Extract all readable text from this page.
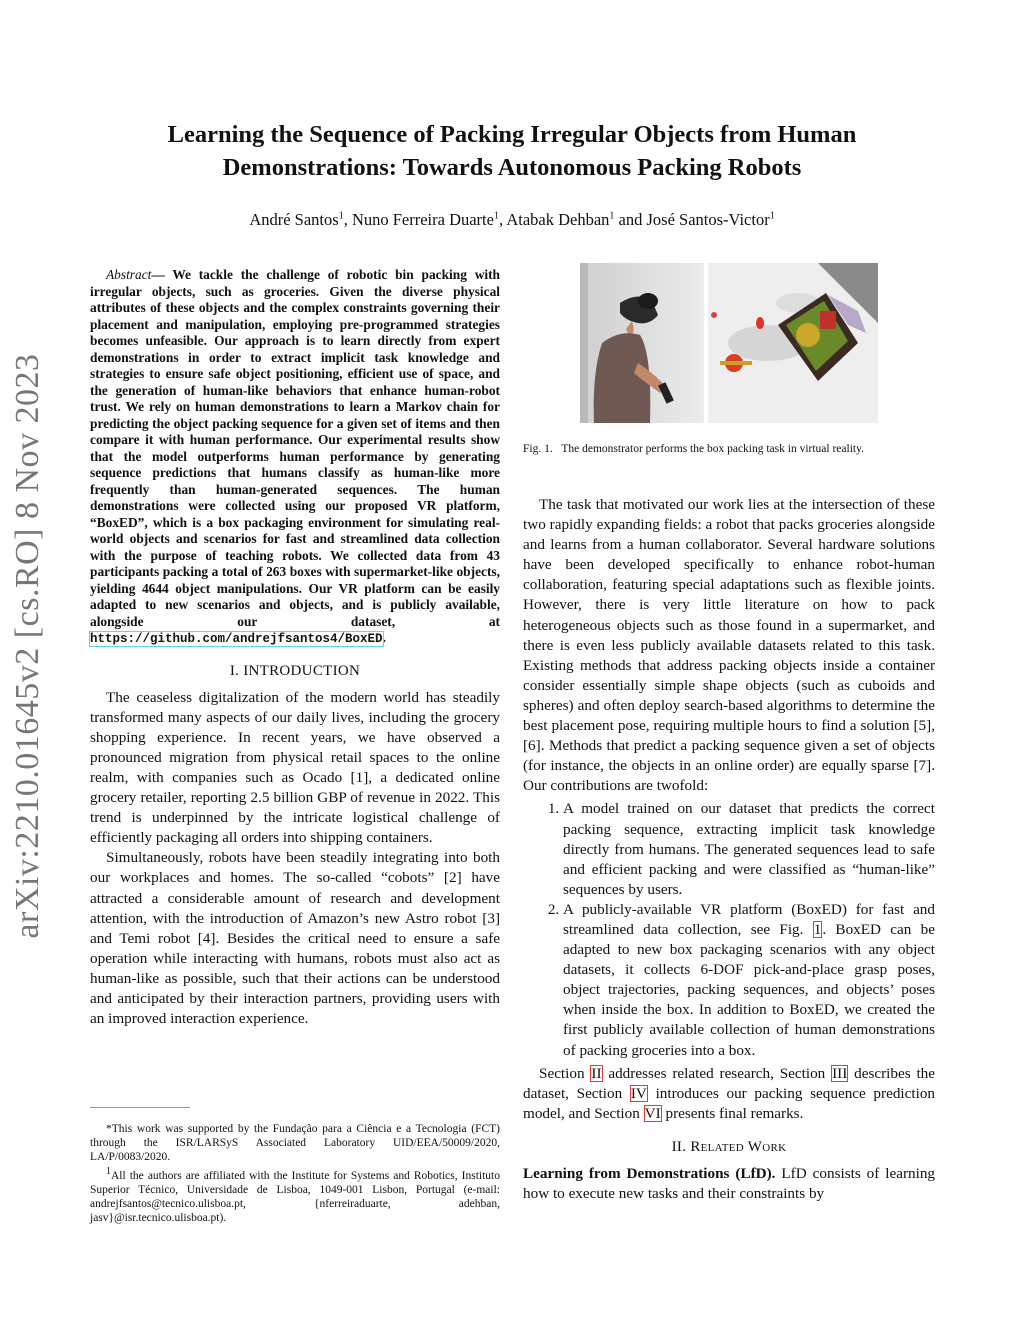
arXiv:2210.01645v2 [cs.RO] 8 Nov 2023
Learning the Sequence of Packing Irregular Objects from Human
Demonstrations: Towards Autonomous Packing Robots
André Santos$^1$, Nuno Ferreira Duarte$^1$, Atabak Dehban$^1$ and José Santos-Victor$^1$

Abstract— We tackle the challenge of robotic bin packing with irregular objects, such as groceries. Given the diverse physical attributes of these objects and the complex constraints governing their placement and manipulation, employing pre-programmed strategies becomes unfeasible. Our approach is to learn directly from expert demonstrations in order to extract implicit task knowledge and strategies to ensure safe object positioning, efficient use of space, and the generation of human-like behaviors that enhance human-robot trust. We rely on human demonstrations to learn a Markov chain for predicting the object packing sequence for a given set of items and then compare it with human performance. Our experimental results show that the model outperforms human performance by generating sequence predictions that humans classify as human-like more frequently than human-generated sequences. The human demonstrations were collected using our proposed VR platform, “BoxED”, which is a box packaging environment for simulating real-world objects and scenarios for fast and streamlined data collection with the purpose of teaching robots. We collected data from 43 participants packing a total of 263 boxes with supermarket-like objects, yielding 4644 object manipulations. Our VR platform can be easily adapted to new scenarios and objects, and is publicly available, alongside our dataset, at https://github.com/andrejfsantos4/BoxED.

I. INTRODUCTION

The ceaseless digitalization of the modern world has steadily transformed many aspects of our daily lives, including the grocery shopping experience. In recent years, we have observed a pronounced migration from physical retail spaces to the online realm, with companies such as Ocado [1], a dedicated online grocery retailer, reporting 2.5 billion GBP of revenue in 2022. This trend is underpinned by the intricate logistical challenge of efficiently packaging all orders into shipping containers.

Simultaneously, robots have been steadily integrating into both our workplaces and homes. The so-called “cobots” [2] have attracted a considerable amount of research and development attention, with the introduction of Amazon’s new Astro robot [3] and Temi robot [4]. Besides the critical need to ensure a safe operation while interacting with humans, robots must also act as human-like as possible, such that their actions can be understood and anticipated by their interaction partners, providing users with an improved interaction experience.

*This work was supported by the Fundação para a Ciência e a Tecnologia (FCT) through the ISR/LARSyS Associated Laboratory UID/EEA/50009/2020, LA/P/0083/2020.

$^1$All the authors are affiliated with the Institute for Systems and Robotics, Instituto Superior Técnico, Universidade de Lisboa, 1049-001 Lisbon, Portugal (e-mail: andrejfsantos@tecnico.ulisboa.pt, {nferreiraduarte, adehban, jasv}@isr.tecnico.ulisboa.pt).

Fig. 1. The demonstrator performs the box packing task in virtual reality.

The task that motivated our work lies at the intersection of these two rapidly expanding fields: a robot that packs groceries alongside and learns from a human collaborator. Several hardware solutions have been developed specifically to enhance robot-human collaboration, featuring special adaptations such as flexible joints. However, there is very little literature on how to pack heterogeneous objects such as those found in a supermarket, and there is even less publicly available datasets related to this task. Existing methods that address packing objects inside a container consider essentially simple shape objects (such as cuboids and spheres) and often deploy search-based algorithms to determine the best placement pose, requiring multiple hours to find a solution [5], [6]. Methods that predict a packing sequence given a set of objects (for instance, the objects in an online order) are equally sparse [7]. Our contributions are twofold:

1. A model trained on our dataset that predicts the correct packing sequence, extracting implicit task knowledge directly from humans. The generated sequences lead to safe and efficient packing and were classified as “human-like” sequences by users.
2. A publicly-available VR platform (BoxED) for fast and streamlined data collection, see Fig. 1. BoxED can be adapted to new box packaging scenarios with any object datasets, it collects 6-DOF pick-and-place grasp poses, object trajectories, packing sequences, and objects’ poses when inside the box. In addition to BoxED, we created the first publicly available collection of human demonstrations of packing groceries into a box.

Section II addresses related research, Section III describes the dataset, Section IV introduces our packing sequence prediction model, and Section VI presents final remarks.

II. Related Work

Learning from Demonstrations (LfD). LfD consists of learning how to execute new tasks and their constraints by
